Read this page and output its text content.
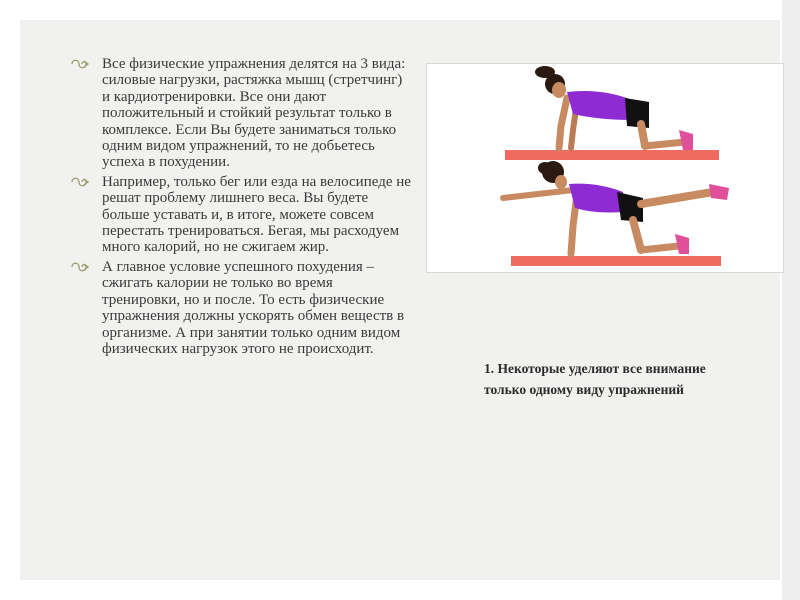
Все физические упражнения делятся на 3 вида: силовые нагрузки, растяжка мышц (стретчинг) и кардиотренировки. Все они дают положительный и стойкий результат только в комплексе. Если Вы будете заниматься только одним видом упражнений, то не добьетесь успеха в похудении.
Например, только бег или езда на велосипеде не решат проблему лишнего веса. Вы будете больше уставать и, в итоге, можете совсем перестать тренироваться. Бегая, мы расходуем много калорий, но не сжигаем жир.
А главное условие успешного похудения – сжигать калории не только во время тренировки, но и после. То есть физические упражнения должны ускорять обмен веществ в организме. А при занятии только одним видом физических нагрузок этого не происходит.
1. Некоторые уделяют все внимание только одному виду упражнений
